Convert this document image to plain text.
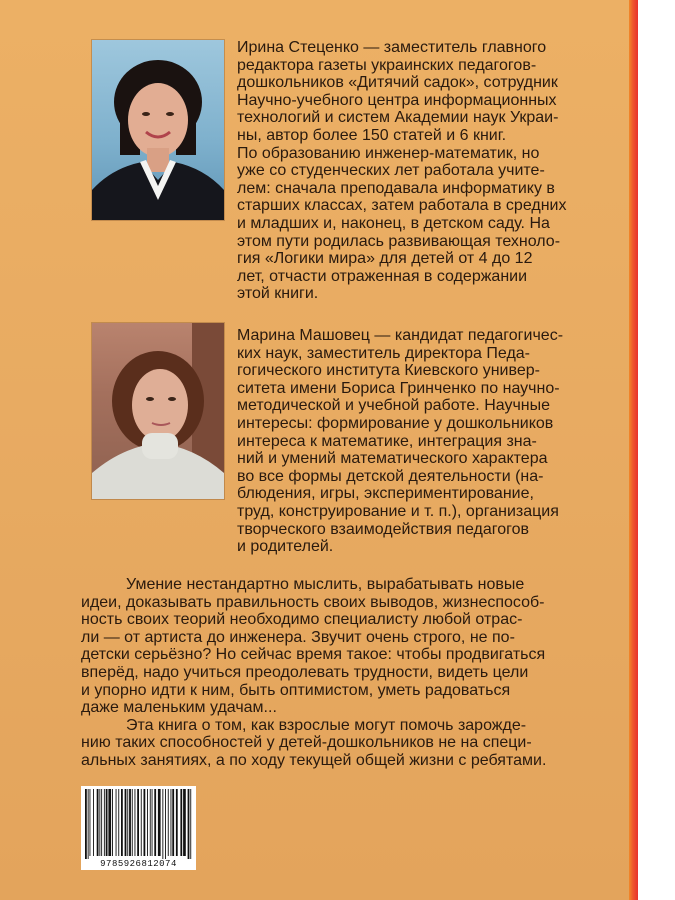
Ирина Стеценко — заместитель главного
редактора газеты украинских педагогов-
дошкольников «Дитячий садок», сотрудник
Научно-учебного центра информационных
технологий и систем Академии наук Украи-
ны, автор более 150 статей и 6 книг.
По образованию инженер-математик, но
уже со студенческих лет работала учите-
лем: сначала преподавала информатику в
старших классах, затем работала в средних
и младших и, наконец, в детском саду. На
этом пути родилась развивающая техноло-
гия «Логики мира» для детей от 4 до 12
лет, отчасти отраженная в содержании
этой книги.
Марина Машовец — кандидат педагогичес-
ких наук, заместитель директора Педа-
гогического института Киевского универ-
ситета имени Бориса Гринченко по научно-
методической и учебной работе. Научные
интересы: формирование у дошкольников
интереса к математике, интеграция зна-
ний и умений математического характера
во все формы детской деятельности (на-
блюдения, игры, экспериментирование,
труд, конструирование и т. п.), организация
творческого взаимодействия педагогов
и родителей.
Умение нестандартно мыслить, вырабатывать новые
идеи, доказывать правильность своих выводов, жизнеспособ-
ность своих теорий необходимо специалисту любой отрас-
ли — от артиста до инженера. Звучит очень строго, не по-
детски серьёзно? Но сейчас время такое: чтобы продвигаться
вперёд, надо учиться преодолевать трудности, видеть цели
и упорно идти к ним, быть оптимистом, уметь радоваться
даже маленьким удачам...
Эта книга о том, как взрослые могут помочь зарожде-
нию таких способностей у детей-дошкольников не на специ-
альных занятиях, а по ходу текущей общей жизни с ребятами.
9785926812074
